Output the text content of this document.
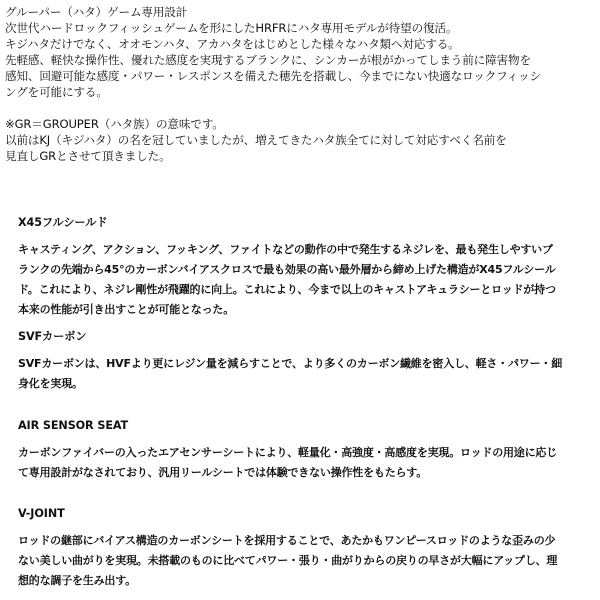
グルーパー（ハタ）ゲーム専用設計

次世代ハードロックフィッシュゲームを形にしたHRFRにハタ専用モデルが待望の復活。
キジハタだけでなく、オオモンハタ、アカハタをはじめとした様々なハタ類へ対応する。
先軽感、軽快な操作性、優れた感度を実現するブランクに、シンカーが根がかってしまう前に障害物を
感知、回避可能な感度・パワー・レスポンスを備えた穂先を搭載し、今までにない快適なロックフィッシ
ングを可能にする。

※GR＝GROUPER（ハタ族）の意味です。
以前はKJ（キジハタ）の名を冠していましたが、増えてきたハタ族全てに対して対応すべく名前を
見直しGRとさせて頂きました。

X45フルシールド

キャスティング、アクション、フッキング、ファイトなどの動作の中で発生するネジレを、最も発生しやすいブ
ランクの先端から45°のカーボンバイアスクロスで最も効果の高い最外層から締め上げた構造がX45フルシール
ド。これにより、ネジレ剛性が飛躍的に向上。これにより、今まで以上のキャストアキュラシーとロッドが持つ
本来の性能が引き出すことが可能となった。

SVFカーボン

SVFカーボンは、HVFより更にレジン量を減らすことで、より多くのカーボン繊維を密入し、軽さ・パワー・細
身化を実現。

AIR SENSOR SEAT

カーボンファイバーの入ったエアセンサーシートにより、軽量化・高強度・高感度を実現。ロッドの用途に応じ
て専用設計がなされており、汎用リールシートでは体験できない操作性をもたらす。

V-JOINT

ロッドの継部にバイアス構造のカーボンシートを採用することで、あたかもワンピースロッドのような歪みの少
ない美しい曲がりを実現。未搭載のものに比べてパワー・張り・曲がりからの戻りの早さが大幅にアップし、理
想的な調子を生み出す。
